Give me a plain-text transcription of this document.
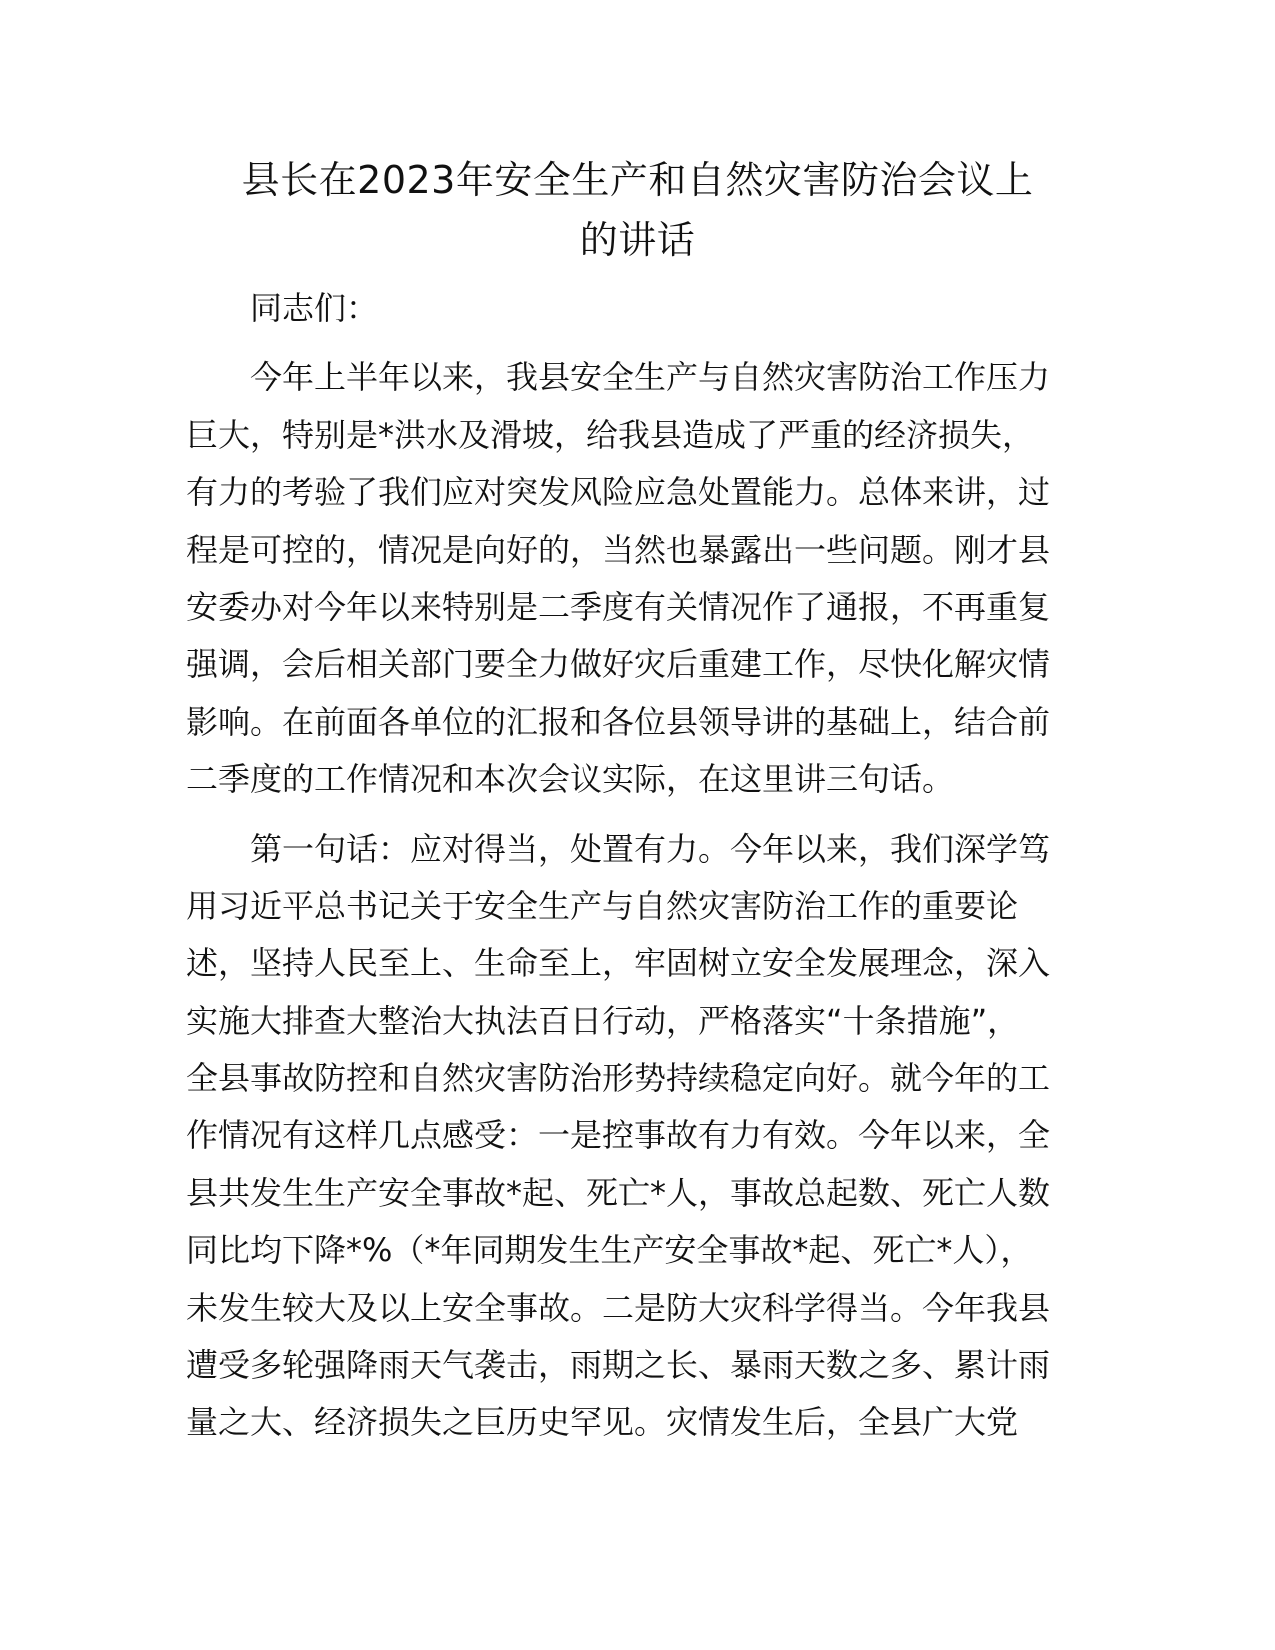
县长在2023年安全生产和自然灾害防治会议上
的讲话
同志们：
今年上半年以来，我县安全生产与自然灾害防治工作压力
巨大，特别是*洪水及滑坡，给我县造成了严重的经济损失，
有力的考验了我们应对突发风险应急处置能力。总体来讲，过
程是可控的，情况是向好的，当然也暴露出一些问题。刚才县
安委办对今年以来特别是二季度有关情况作了通报，不再重复
强调，会后相关部门要全力做好灾后重建工作，尽快化解灾情
影响。在前面各单位的汇报和各位县领导讲的基础上，结合前
二季度的工作情况和本次会议实际，在这里讲三句话。
第一句话：应对得当，处置有力。今年以来，我们深学笃
用习近平总书记关于安全生产与自然灾害防治工作的重要论
述，坚持人民至上、生命至上，牢固树立安全发展理念，深入
实施大排查大整治大执法百日行动，严格落实“十条措施”，
全县事故防控和自然灾害防治形势持续稳定向好。就今年的工
作情况有这样几点感受：一是控事故有力有效。今年以来，全
县共发生生产安全事故*起、死亡*人，事故总起数、死亡人数
同比均下降*%（*年同期发生生产安全事故*起、死亡*人），
未发生较大及以上安全事故。二是防大灾科学得当。今年我县
遭受多轮强降雨天气袭击，雨期之长、暴雨天数之多、累计雨
量之大、经济损失之巨历史罕见。灾情发生后，全县广大党
